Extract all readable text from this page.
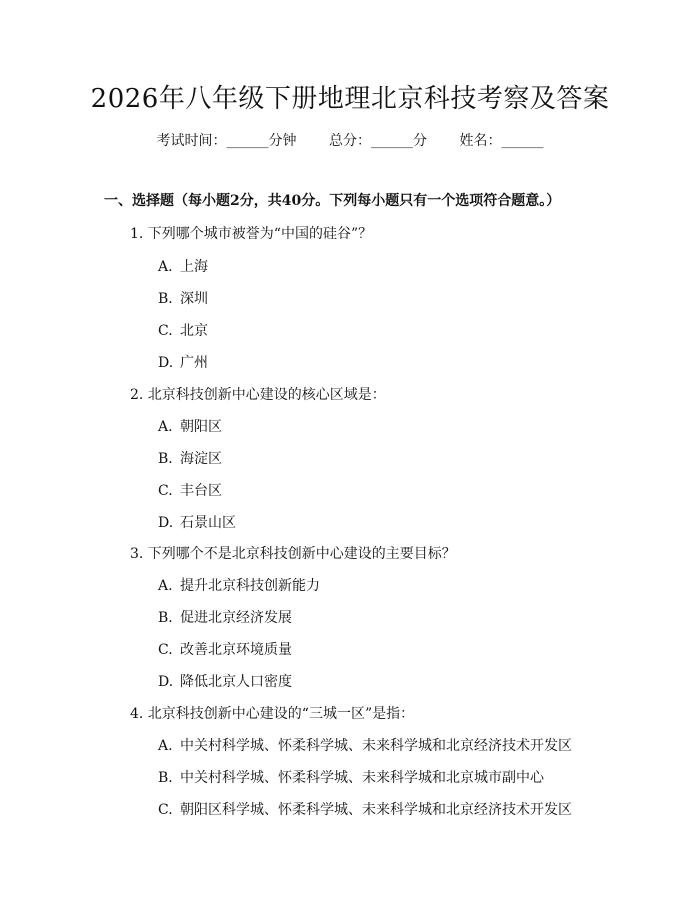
2026年八年级下册地理北京科技考察及答案
考试时间：______分钟 总分：______分 姓名：______
一、选择题（每小题2分，共40分。下列每小题只有一个选项符合题意。）
1. 下列哪个城市被誉为“中国的硅谷”？
A. 上海
B. 深圳
C. 北京
D. 广州
2. 北京科技创新中心建设的核心区域是：
A. 朝阳区
B. 海淀区
C. 丰台区
D. 石景山区
3. 下列哪个不是北京科技创新中心建设的主要目标？
A. 提升北京科技创新能力
B. 促进北京经济发展
C. 改善北京环境质量
D. 降低北京人口密度
4. 北京科技创新中心建设的“三城一区”是指：
A. 中关村科学城、怀柔科学城、未来科学城和北京经济技术开发区
B. 中关村科学城、怀柔科学城、未来科学城和北京城市副中心
C. 朝阳区科学城、怀柔科学城、未来科学城和北京经济技术开发区
